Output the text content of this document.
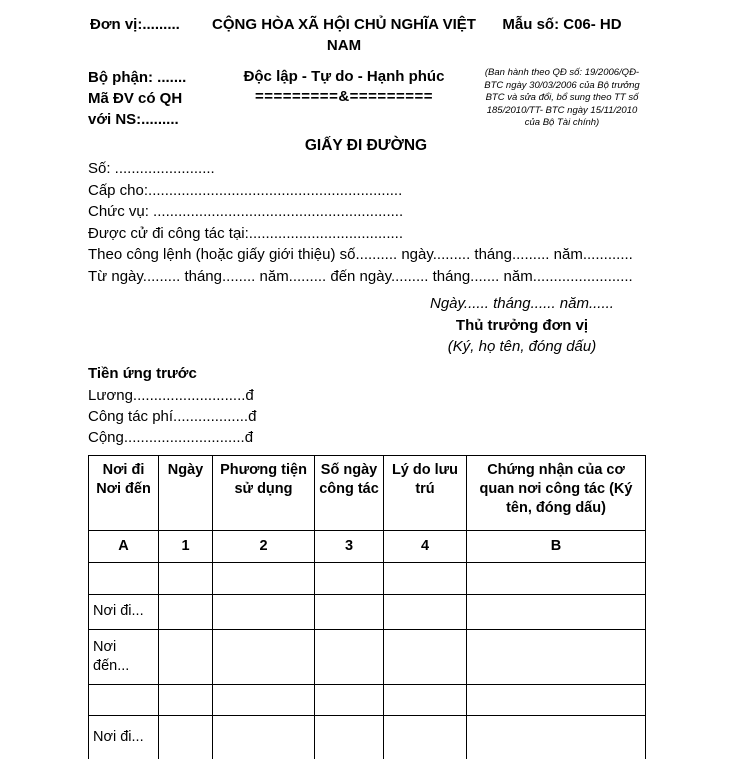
Đơn vị:.........	CỘNG HÒA XÃ HỘI CHỦ NGHĨA VIỆT NAM
Mẫu số: C06- HD
Bộ phận: .......
Mã ĐV có QH
với NS:.........
Độc lập - Tự do - Hạnh phúc
=========&=========
(Ban hành theo QĐ số: 19/2006/QĐ-BTC ngày 30/03/2006 của Bộ trưởng BTC và sửa đổi, bổ sung theo TT số 185/2010/TT- BTC ngày 15/11/2010 của Bộ Tài chính)
GIẤY ĐI ĐƯỜNG
Số: ........................
Cấp cho:.............................................................
Chức vụ: ............................................................
Được cử đi công tác tại:.....................................
Theo công lệnh (hoặc giấy giới thiệu) số.......... ngày......... tháng......... năm............
Từ ngày......... tháng........ năm......... đến ngày......... tháng....... năm........................
Ngày...... tháng...... năm......
Thủ trưởng đơn vị
(Ký, họ tên, đóng dấu)
Tiền ứng trước
Lương...........................đ
Công tác phí..................đ
Cộng.............................đ
Nơi đi Nơi đến	Ngày	Phương tiện sử dụng	Số ngày công tác	Lý do lưu trú	Chứng nhận của cơ quan nơi công tác (Ký tên, đóng dấu)
A	1	2	3	4	B

Nơi đi...					
Nơi đến...					

Nơi đi...					
